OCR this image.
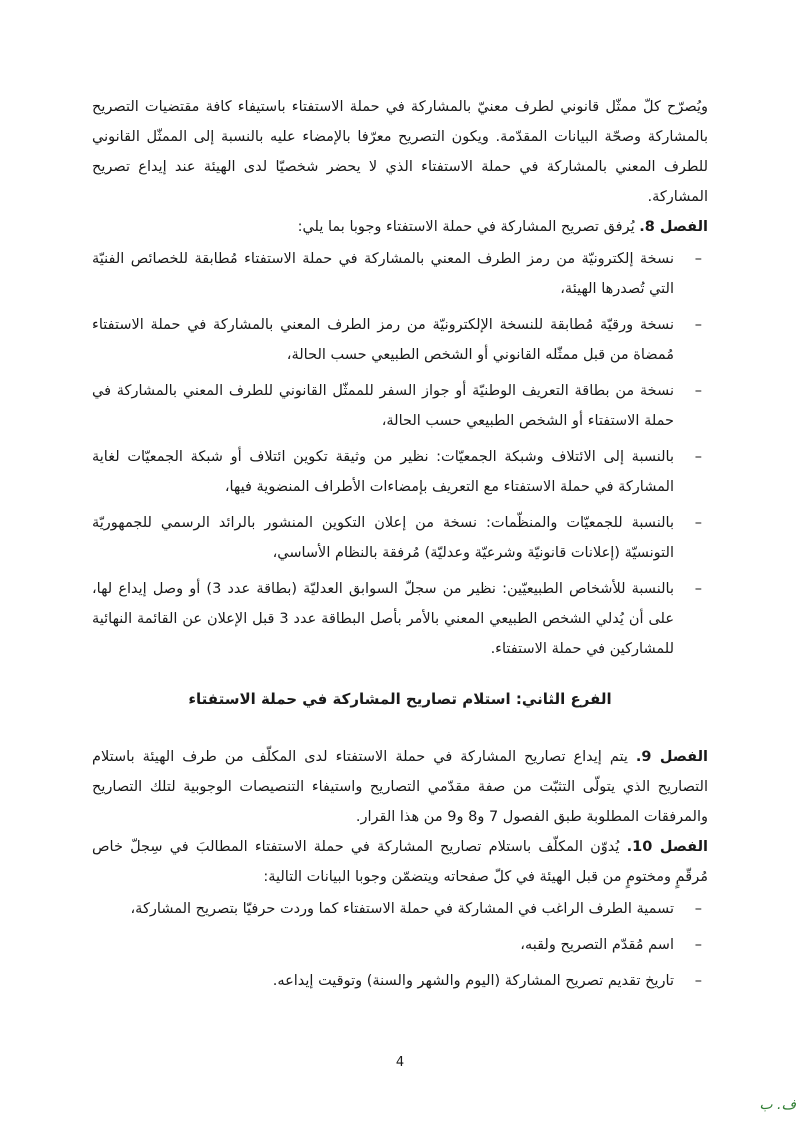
ويُصرّح كلّ ممثّل قانوني لطرف معنيّ بالمشاركة في حملة الاستفتاء باستيفاء كافة مقتضيات التصريح بالمشاركة وصحّة البيانات المقدّمة. ويكون التصريح معرّفا بالإمضاء عليه بالنسبة إلى الممثّل القانوني للطرف المعني بالمشاركة في حملة الاستفتاء الذي لا يحضر شخصيّا لدى الهيئة عند إيداع تصريح المشاركة.

الفصل 8. يُرفق تصريح المشاركة في حملة الاستفتاء وجوبا بما يلي:

–
نسخة إلكترونيّة من رمز الطرف المعني بالمشاركة في حملة الاستفتاء مُطابقة للخصائص الفنيّة التي تُصدرها الهيئة،
–
نسخة ورقيّة مُطابقة للنسخة الإلكترونيّة من رمز الطرف المعني بالمشاركة في حملة الاستفتاء مُمضاة من قبل ممثّله القانوني أو الشخص الطبيعي حسب الحالة،
–
نسخة من بطاقة التعريف الوطنيّة أو جواز السفر للممثّل القانوني للطرف المعني بالمشاركة في حملة الاستفتاء أو الشخص الطبيعي حسب الحالة،
–
بالنسبة إلى الائتلاف وشبكة الجمعيّات: نظير من وثيقة تكوين ائتلاف أو شبكة الجمعيّات لغاية المشاركة في حملة الاستفتاء مع التعريف بإمضاءات الأطراف المنضوية فيها،
–
بالنسبة للجمعيّات والمنظّمات: نسخة من إعلان التكوين المنشور بالرائد الرسمي للجمهوريّة التونسيّة (إعلانات قانونيّة وشرعيّة وعدليّة) مُرفقة بالنظام الأساسي،
–
بالنسبة للأشخاص الطبيعيّين: نظير من سجلّ السوابق العدليّة (بطاقة عدد 3) أو وصل إيداع لها، على أن يُدلي الشخص الطبيعي المعني بالأمر بأصل البطاقة عدد 3 قبل الإعلان عن القائمة النهائية للمشاركين في حملة الاستفتاء.
الفرع الثاني: استلام تصاريح المشاركة في حملة الاستفتاء

الفصل 9. يتم إيداع تصاريح المشاركة في حملة الاستفتاء لدى المكلّف من طرف الهيئة باستلام التصاريح الذي يتولّى التثبّت من صفة مقدّمي التصاريح واستيفاء التنصيصات الوجوبية لتلك التصاريح والمرفقات المطلوبة طبق الفصول 7 و8 و9 من هذا القرار.

الفصل 10. يُدوّن المكلّف باستلام تصاريح المشاركة في حملة الاستفتاء المطالبَ في سِجلّ خاص مُرقّمٍ ومختومٍ من قبل الهيئة في كلّ صفحاته ويتضمّن وجوبا البيانات التالية:

–
تسمية الطرف الراغب في المشاركة في حملة الاستفتاء كما وردت حرفيّا بتصريح المشاركة،
–
اسم مُقدّم التصريح ولقبه،
–
تاريخ تقديم تصريح المشاركة (اليوم والشهر والسنة) وتوقيت إيداعه.
4
ف. ب
